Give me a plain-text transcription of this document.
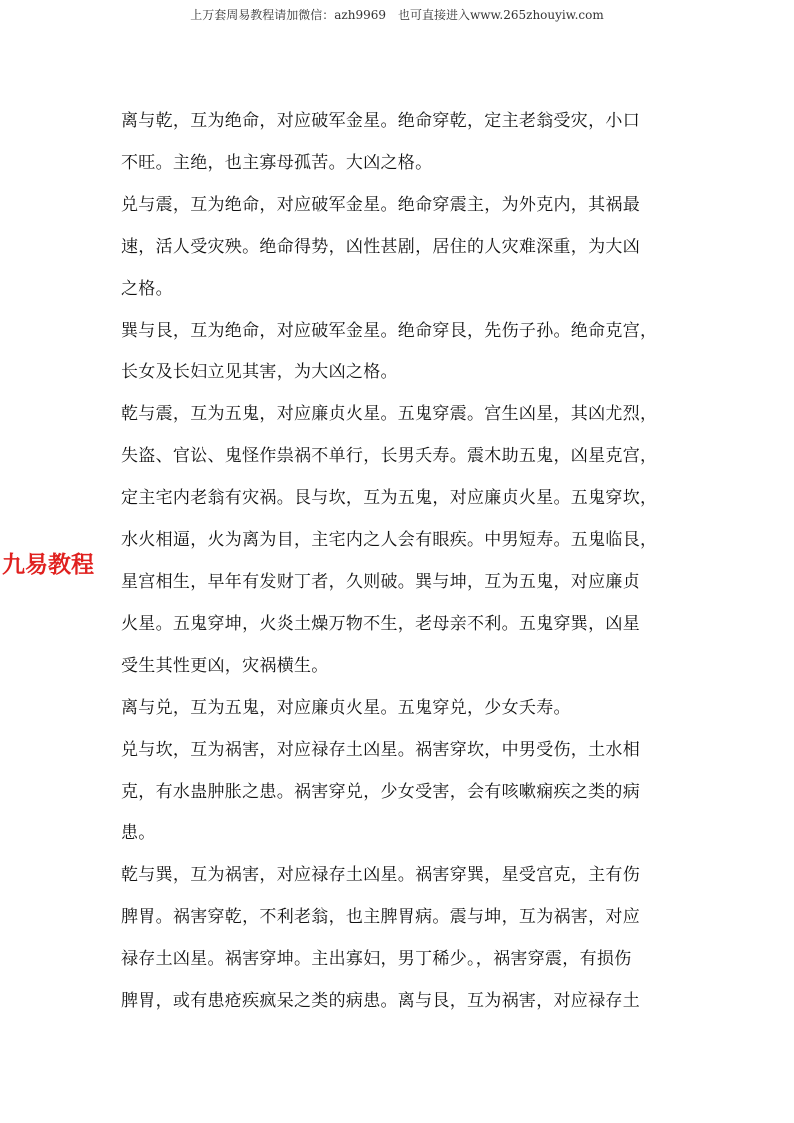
上万套周易教程请加微信：azh9969　也可直接进入www.265zhouyiw.com
九易教程

离与乾，互为绝命，对应破军金星。绝命穿乾，定主老翁受灾，小口
不旺。主绝，也主寡母孤苦。大凶之格。

兑与震，互为绝命，对应破军金星。绝命穿震主，为外克内，其祸最
速，活人受灾殃。绝命得势，凶性甚剧，居住的人灾难深重，为大凶
之格。

巽与艮，互为绝命，对应破军金星。绝命穿艮，先伤子孙。绝命克宫，
长女及长妇立见其害，为大凶之格。

乾与震，互为五鬼，对应廉贞火星。五鬼穿震。宫生凶星，其凶尤烈，
失盗、官讼、鬼怪作祟祸不单行，长男夭寿。震木助五鬼，凶星克宫，
定主宅内老翁有灾祸。艮与坎，互为五鬼，对应廉贞火星。五鬼穿坎，
水火相逼，火为离为目，主宅内之人会有眼疾。中男短寿。五鬼临艮，
星宫相生，早年有发财丁者，久则破。巽与坤，互为五鬼，对应廉贞
火星。五鬼穿坤，火炎土燥万物不生，老母亲不利。五鬼穿巽，凶星
受生其性更凶，灾祸横生。

离与兑，互为五鬼，对应廉贞火星。五鬼穿兑，少女夭寿。

兑与坎，互为祸害，对应禄存土凶星。祸害穿坎，中男受伤，土水相
克，有水蛊肿胀之患。祸害穿兑，少女受害，会有咳嗽痫疾之类的病
患。

乾与巽，互为祸害，对应禄存土凶星。祸害穿巽，星受宫克，主有伤
脾胃。祸害穿乾，不利老翁，也主脾胃病。震与坤，互为祸害，对应
禄存土凶星。祸害穿坤。主出寡妇，男丁稀少。，祸害穿震，有损伤
脾胃，或有患疮疾疯呆之类的病患。离与艮，互为祸害，对应禄存土
